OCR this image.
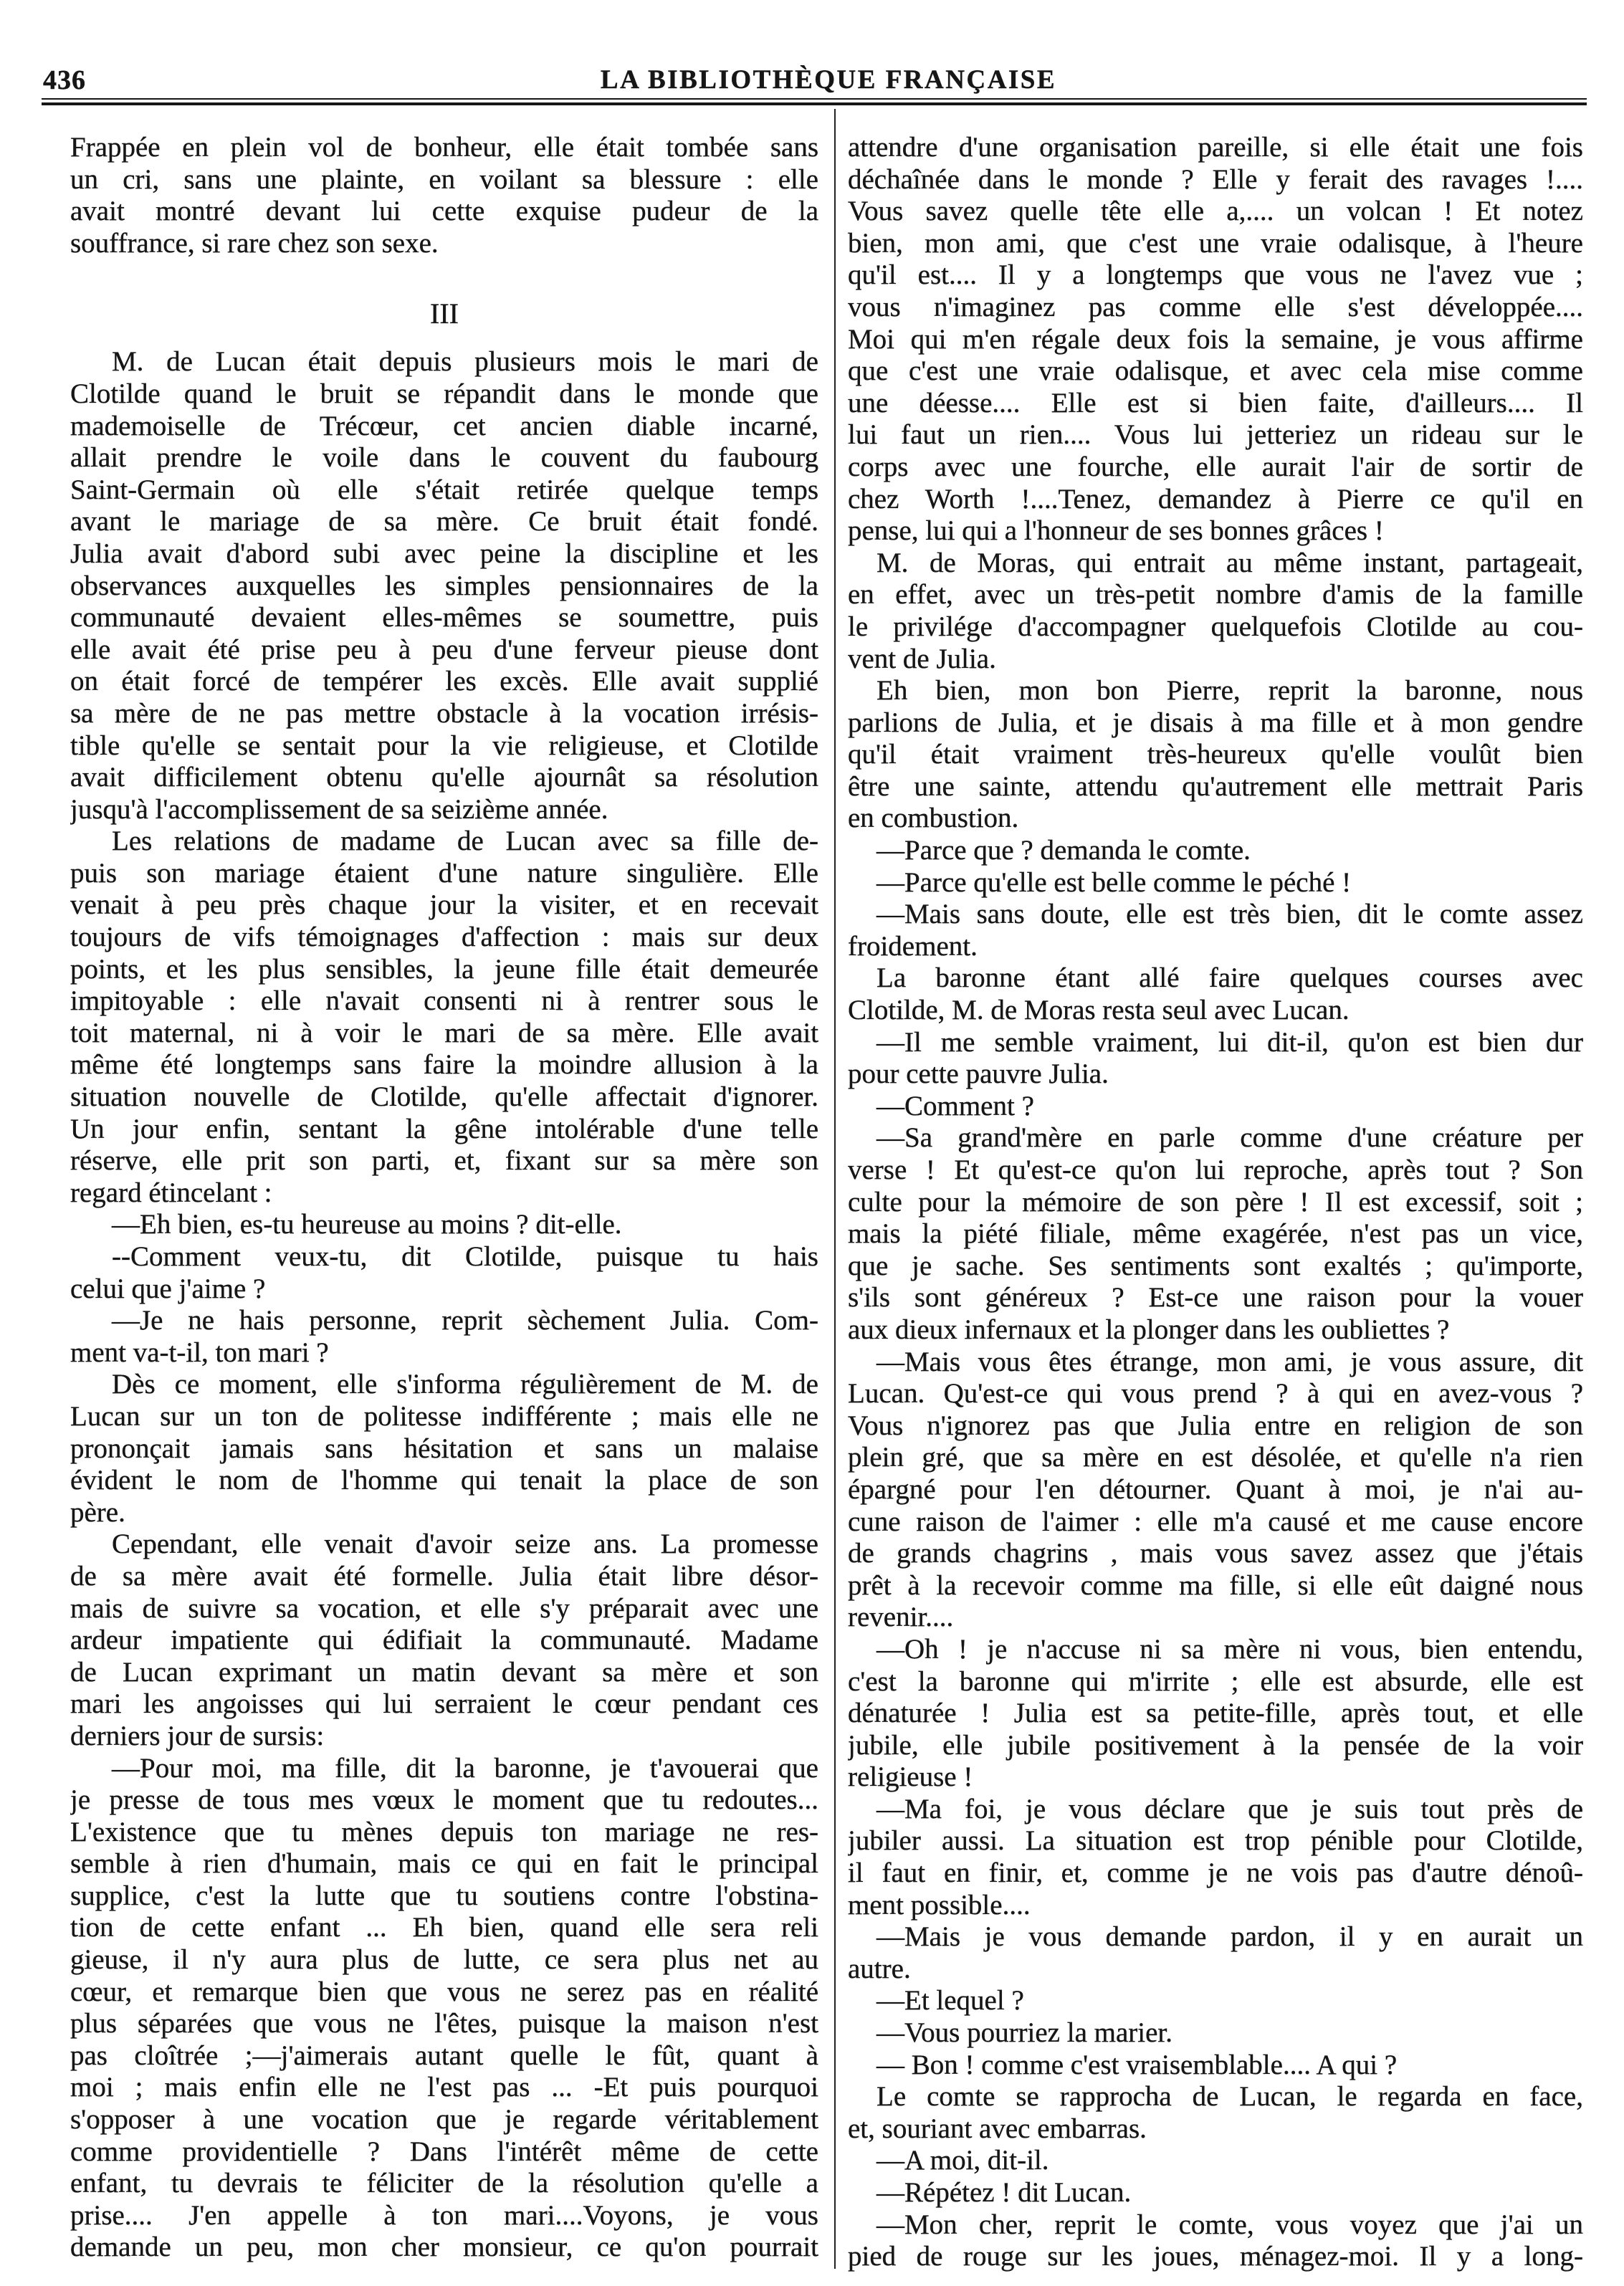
436	LA BIBLIOTHÈQUE FRANÇAISE
Frappée en plein vol de bonheur, elle était tombée sans
un cri, sans une plainte, en voilant sa blessure : elle
avait montré devant lui cette exquise pudeur de la
souffrance, si rare chez son sexe.
III
M. de Lucan était depuis plusieurs mois le mari de
Clotilde quand le bruit se répandit dans le monde que
mademoiselle de Trécœur, cet ancien diable incarné,
allait prendre le voile dans le couvent du faubourg
Saint-Germain où elle s'était retirée quelque temps
avant le mariage de sa mère. Ce bruit était fondé.
Julia avait d'abord subi avec peine la discipline et les
observances auxquelles les simples pensionnaires de la
communauté devaient elles-mêmes se soumettre, puis
elle avait été prise peu à peu d'une ferveur pieuse dont
on était forcé de tempérer les excès. Elle avait supplié
sa mère de ne pas mettre obstacle à la vocation irrésis-
tible qu'elle se sentait pour la vie religieuse, et Clotilde
avait difficilement obtenu qu'elle ajournât sa résolution
jusqu'à l'accomplissement de sa seizième année.
Les relations de madame de Lucan avec sa fille de-
puis son mariage étaient d'une nature singulière. Elle
venait à peu près chaque jour la visiter, et en recevait
toujours de vifs témoignages d'affection : mais sur deux
points, et les plus sensibles, la jeune fille était demeurée
impitoyable : elle n'avait consenti ni à rentrer sous le
toit maternal, ni à voir le mari de sa mère. Elle avait
même été longtemps sans faire la moindre allusion à la
situation nouvelle de Clotilde, qu'elle affectait d'ignorer.
Un jour enfin, sentant la gêne intolérable d'une telle
réserve, elle prit son parti, et, fixant sur sa mère son
regard étincelant :
—Eh bien, es-tu heureuse au moins ? dit-elle.
--Comment veux-tu, dit Clotilde, puisque tu hais
celui que j'aime ?
—Je ne hais personne, reprit sèchement Julia. Com-
ment va-t-il, ton mari ?
Dès ce moment, elle s'informa régulièrement de M. de
Lucan sur un ton de politesse indifférente ; mais elle ne
prononçait jamais sans hésitation et sans un malaise
évident le nom de l'homme qui tenait la place de son
père.
Cependant, elle venait d'avoir seize ans. La promesse
de sa mère avait été formelle. Julia était libre désor-
mais de suivre sa vocation, et elle s'y préparait avec une
ardeur impatiente qui édifiait la communauté. Madame
de Lucan exprimant un matin devant sa mère et son
mari les angoisses qui lui serraient le cœur pendant ces
derniers jour de sursis:
—Pour moi, ma fille, dit la baronne, je t'avouerai que
je presse de tous mes vœux le moment que tu redoutes...
L'existence que tu mènes depuis ton mariage ne res-
semble à rien d'humain, mais ce qui en fait le principal
supplice, c'est la lutte que tu soutiens contre l'obstina-
tion de cette enfant ... Eh bien, quand elle sera reli
gieuse, il n'y aura plus de lutte, ce sera plus net au
cœur, et remarque bien que vous ne serez pas en réalité
plus séparées que vous ne l'êtes, puisque la maison n'est
pas cloîtrée ;—j'aimerais autant quelle le fût, quant à
moi ; mais enfin elle ne l'est pas ... -Et puis pourquoi
s'opposer à une vocation que je regarde véritablement
comme providentielle ? Dans l'intérêt même de cette
enfant, tu devrais te féliciter de la résolution qu'elle a
prise.... J'en appelle à ton mari....Voyons, je vous
demande un peu, mon cher monsieur, ce qu'on pourrait
attendre d'une organisation pareille, si elle était une fois
déchaînée dans le monde ? Elle y ferait des ravages !....
Vous savez quelle tête elle a,.... un volcan ! Et notez
bien, mon ami, que c'est une vraie odalisque, à l'heure
qu'il est.... Il y a longtemps que vous ne l'avez vue ;
vous n'imaginez pas comme elle s'est développée....
Moi qui m'en régale deux fois la semaine, je vous affirme
que c'est une vraie odalisque, et avec cela mise comme
une déesse.... Elle est si bien faite, d'ailleurs.... Il
lui faut un rien.... Vous lui jetteriez un rideau sur le
corps avec une fourche, elle aurait l'air de sortir de
chez Worth !....Tenez, demandez à Pierre ce qu'il en
pense, lui qui a l'honneur de ses bonnes grâces !
M. de Moras, qui entrait au même instant, partageait,
en effet, avec un très-petit nombre d'amis de la famille
le privilége d'accompagner quelquefois Clotilde au cou-
vent de Julia.
Eh bien, mon bon Pierre, reprit la baronne, nous
parlions de Julia, et je disais à ma fille et à mon gendre
qu'il était vraiment très-heureux qu'elle voulût bien
être une sainte, attendu qu'autrement elle mettrait Paris
en combustion.
—Parce que ? demanda le comte.
—Parce qu'elle est belle comme le péché !
—Mais sans doute, elle est très bien, dit le comte assez
froidement.
La baronne étant allé faire quelques courses avec
Clotilde, M. de Moras resta seul avec Lucan.
—Il me semble vraiment, lui dit-il, qu'on est bien dur
pour cette pauvre Julia.
—Comment ?
—Sa grand'mère en parle comme d'une créature per
verse ! Et qu'est-ce qu'on lui reproche, après tout ? Son
culte pour la mémoire de son père ! Il est excessif, soit ;
mais la piété filiale, même exagérée, n'est pas un vice,
que je sache. Ses sentiments sont exaltés ; qu'importe,
s'ils sont généreux ? Est-ce une raison pour la vouer
aux dieux infernaux et la plonger dans les oubliettes ?
—Mais vous êtes étrange, mon ami, je vous assure, dit
Lucan. Qu'est-ce qui vous prend ? à qui en avez-vous ?
Vous n'ignorez pas que Julia entre en religion de son
plein gré, que sa mère en est désolée, et qu'elle n'a rien
épargné pour l'en détourner. Quant à moi, je n'ai au-
cune raison de l'aimer : elle m'a causé et me cause encore
de grands chagrins , mais vous savez assez que j'étais
prêt à la recevoir comme ma fille, si elle eût daigné nous
revenir....
—Oh ! je n'accuse ni sa mère ni vous, bien entendu,
c'est la baronne qui m'irrite ; elle est absurde, elle est
dénaturée ! Julia est sa petite-fille, après tout, et elle
jubile, elle jubile positivement à la pensée de la voir
religieuse !
—Ma foi, je vous déclare que je suis tout près de
jubiler aussi. La situation est trop pénible pour Clotilde,
il faut en finir, et, comme je ne vois pas d'autre dénoû-
ment possible....
—Mais je vous demande pardon, il y en aurait un
autre.
—Et lequel ?
—Vous pourriez la marier.
— Bon ! comme c'est vraisemblable.... A qui ?
Le comte se rapprocha de Lucan, le regarda en face,
et, souriant avec embarras.
—A moi, dit-il.
—Répétez ! dit Lucan.
—Mon cher, reprit le comte, vous voyez que j'ai un
pied de rouge sur les joues, ménagez-moi. Il y a long-
